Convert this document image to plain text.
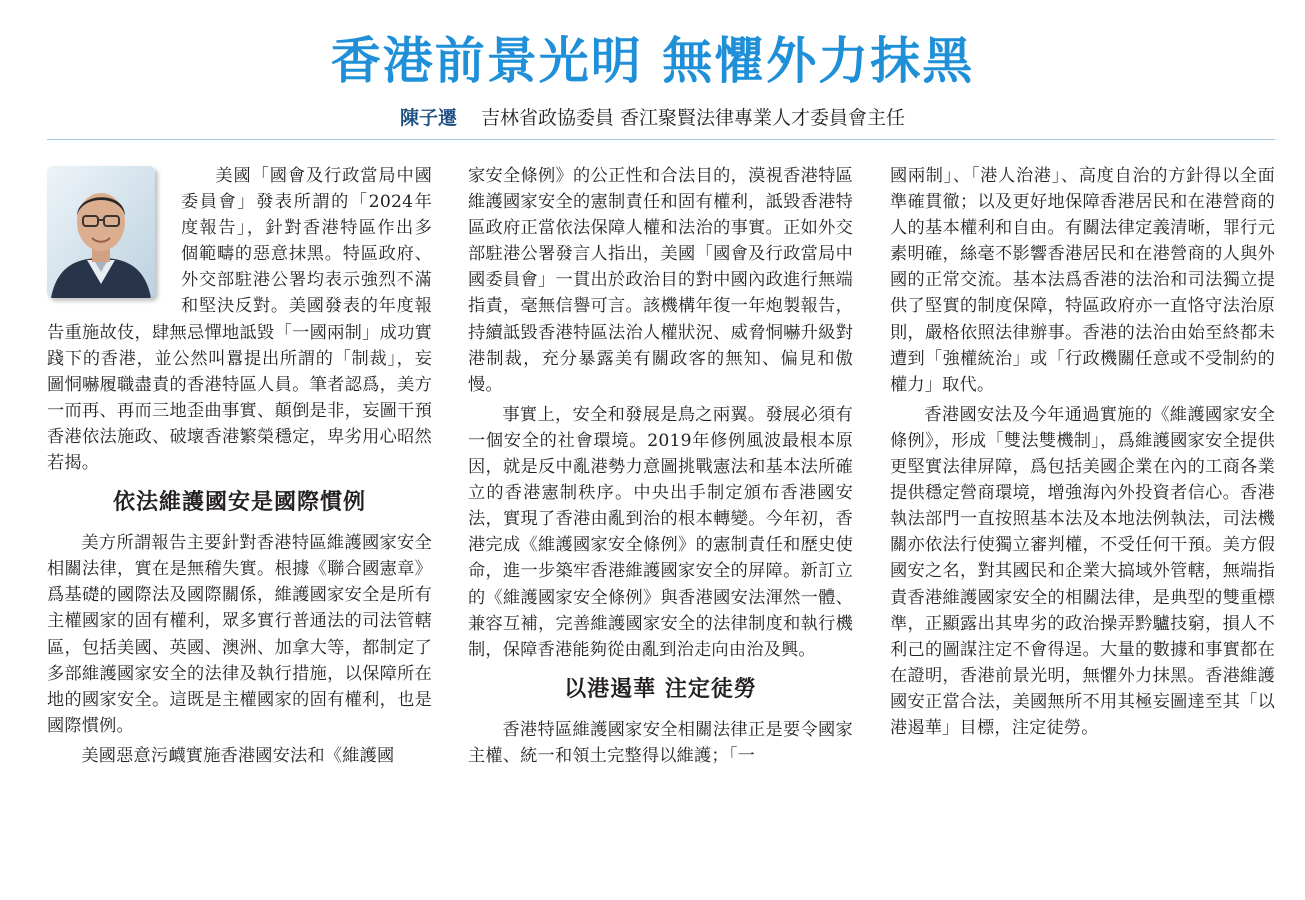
香港前景光明 無懼外力抹黑
陳子遷 吉林省政協委員 香江聚賢法律專業人才委員會主任

美國「國會及行政當局中國委員會」發表所謂的「2024年度報告」，針對香港特區作出多個範疇的惡意抹黑。特區政府、外交部駐港公署均表示強烈不滿和堅決反對。美國發表的年度報告重施故伎，肆無忌憚地詆毀「一國兩制」成功實踐下的香港，並公然叫囂提出所謂的「制裁」，妄圖恫嚇履職盡責的香港特區人員。筆者認爲，美方一而再、再而三地歪曲事實、顛倒是非，妄圖干預香港依法施政、破壞香港繁榮穩定，卑劣用心昭然若揭。

依法維護國安是國際慣例

美方所謂報告主要針對香港特區維護國家安全相關法律，實在是無稽失實。根據《聯合國憲章》爲基礎的國際法及國際關係，維護國家安全是所有主權國家的固有權利，眾多實行普通法的司法管轄區，包括美國、英國、澳洲、加拿大等，都制定了多部維護國家安全的法律及執行措施，以保障所在地的國家安全。這既是主權國家的固有權利，也是國際慣例。

美國惡意污衊實施香港國安法和《維護國

家安全條例》的公正性和合法目的，漠視香港特區維護國家安全的憲制責任和固有權利，詆毀香港特區政府正當依法保障人權和法治的事實。正如外交部駐港公署發言人指出，美國「國會及行政當局中國委員會」一貫出於政治目的對中國內政進行無端指責，毫無信譽可言。該機構年復一年炮製報告，持續詆毀香港特區法治人權狀況、威脅恫嚇升級對港制裁，充分暴露美有關政客的無知、偏見和傲慢。

事實上，安全和發展是鳥之兩翼。發展必須有一個安全的社會環境。2019年修例風波最根本原因，就是反中亂港勢力意圖挑戰憲法和基本法所確立的香港憲制秩序。中央出手制定頒布香港國安法，實現了香港由亂到治的根本轉變。今年初，香港完成《維護國家安全條例》的憲制責任和歷史使命，進一步築牢香港維護國家安全的屏障。新訂立的《維護國家安全條例》與香港國安法渾然一體、兼容互補，完善維護國家安全的法律制度和執行機制，保障香港能夠從由亂到治走向由治及興。

以港遏華 注定徒勞

香港特區維護國家安全相關法律正是要令國家主權、統一和領土完整得以維護；「一

國兩制」、「港人治港」、高度自治的方針得以全面準確貫徹；以及更好地保障香港居民和在港營商的人的基本權利和自由。有關法律定義清晰，罪行元素明確，絲毫不影響香港居民和在港營商的人與外國的正常交流。基本法爲香港的法治和司法獨立提供了堅實的制度保障，特區政府亦一直恪守法治原則，嚴格依照法律辦事。香港的法治由始至終都未遭到「強權統治」或「行政機關任意或不受制約的權力」取代。

香港國安法及今年通過實施的《維護國家安全條例》，形成「雙法雙機制」，爲維護國家安全提供更堅實法律屏障，爲包括美國企業在內的工商各業提供穩定營商環境，增強海內外投資者信心。香港執法部門一直按照基本法及本地法例執法，司法機關亦依法行使獨立審判權，不受任何干預。美方假國安之名，對其國民和企業大搞域外管轄，無端指責香港維護國家安全的相關法律，是典型的雙重標準，正顯露出其卑劣的政治操弄黔驢技窮，損人不利己的圖謀注定不會得逞。大量的數據和事實都在在證明，香港前景光明，無懼外力抹黑。香港維護國安正當合法，美國無所不用其極妄圖達至其「以港遏華」目標，注定徒勞。
